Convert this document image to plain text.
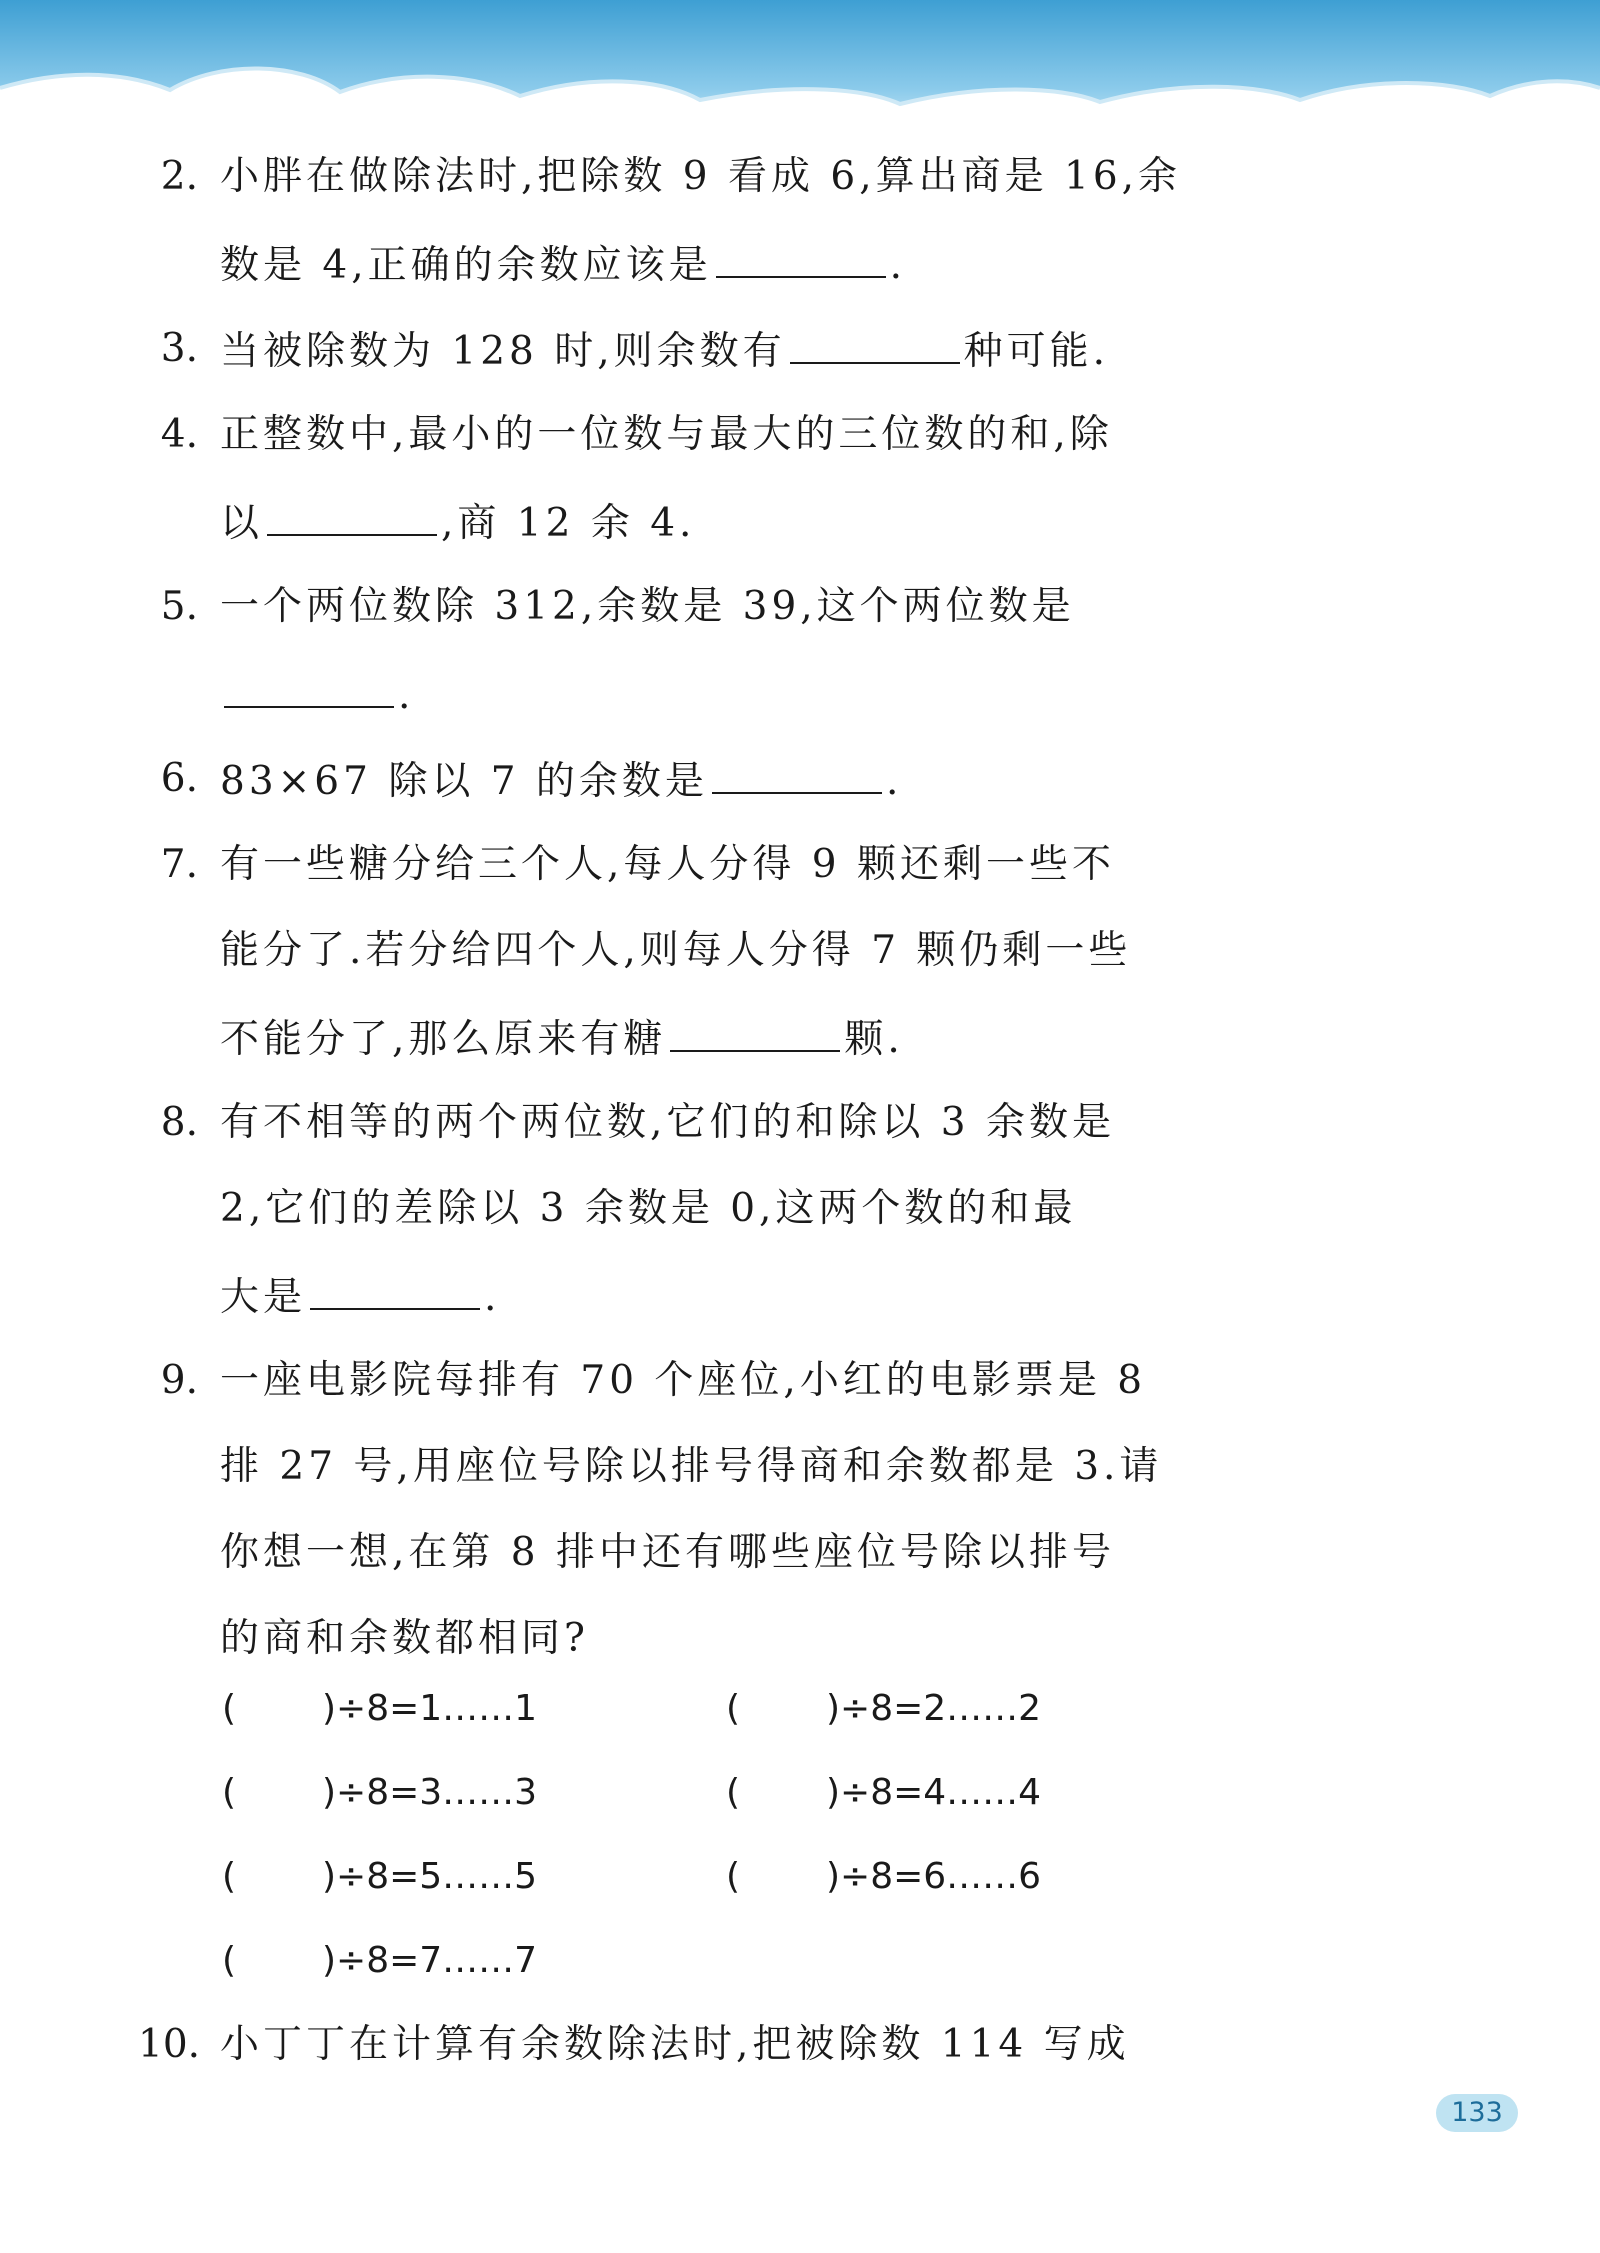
2. 小胖在做除法时,把除数 9 看成 6,算出商是 16,余
数是 4,正确的余数应该是	.
3. 当被除数为 128 时,则余数有	种可能.
4. 正整数中,最小的一位数与最大的三位数的和,除
以	,商 12 余 4.
5. 一个两位数除 312,余数是 39,这个两位数是
.
6. 83×67 除以 7 的余数是	.
7. 有一些糖分给三个人,每人分得 9 颗还剩一些不
能分了.若分给四个人,则每人分得 7 颗仍剩一些
不能分了,那么原来有糖	颗.
8. 有不相等的两个两位数,它们的和除以 3 余数是
2,它们的差除以 3 余数是 0,这两个数的和最
大是	.
9. 一座电影院每排有 70 个座位,小红的电影票是 8
排 27 号,用座位号除以排号得商和余数都是 3.请
你想一想,在第 8 排中还有哪些座位号除以排号
的商和余数都相同?
( )÷8=1……1	( )÷8=2……2
( )÷8=3……3	( )÷8=4……4
( )÷8=5……5	( )÷8=6……6
( )÷8=7……7
10. 小丁丁在计算有余数除法时,把被除数 114 写成
133
